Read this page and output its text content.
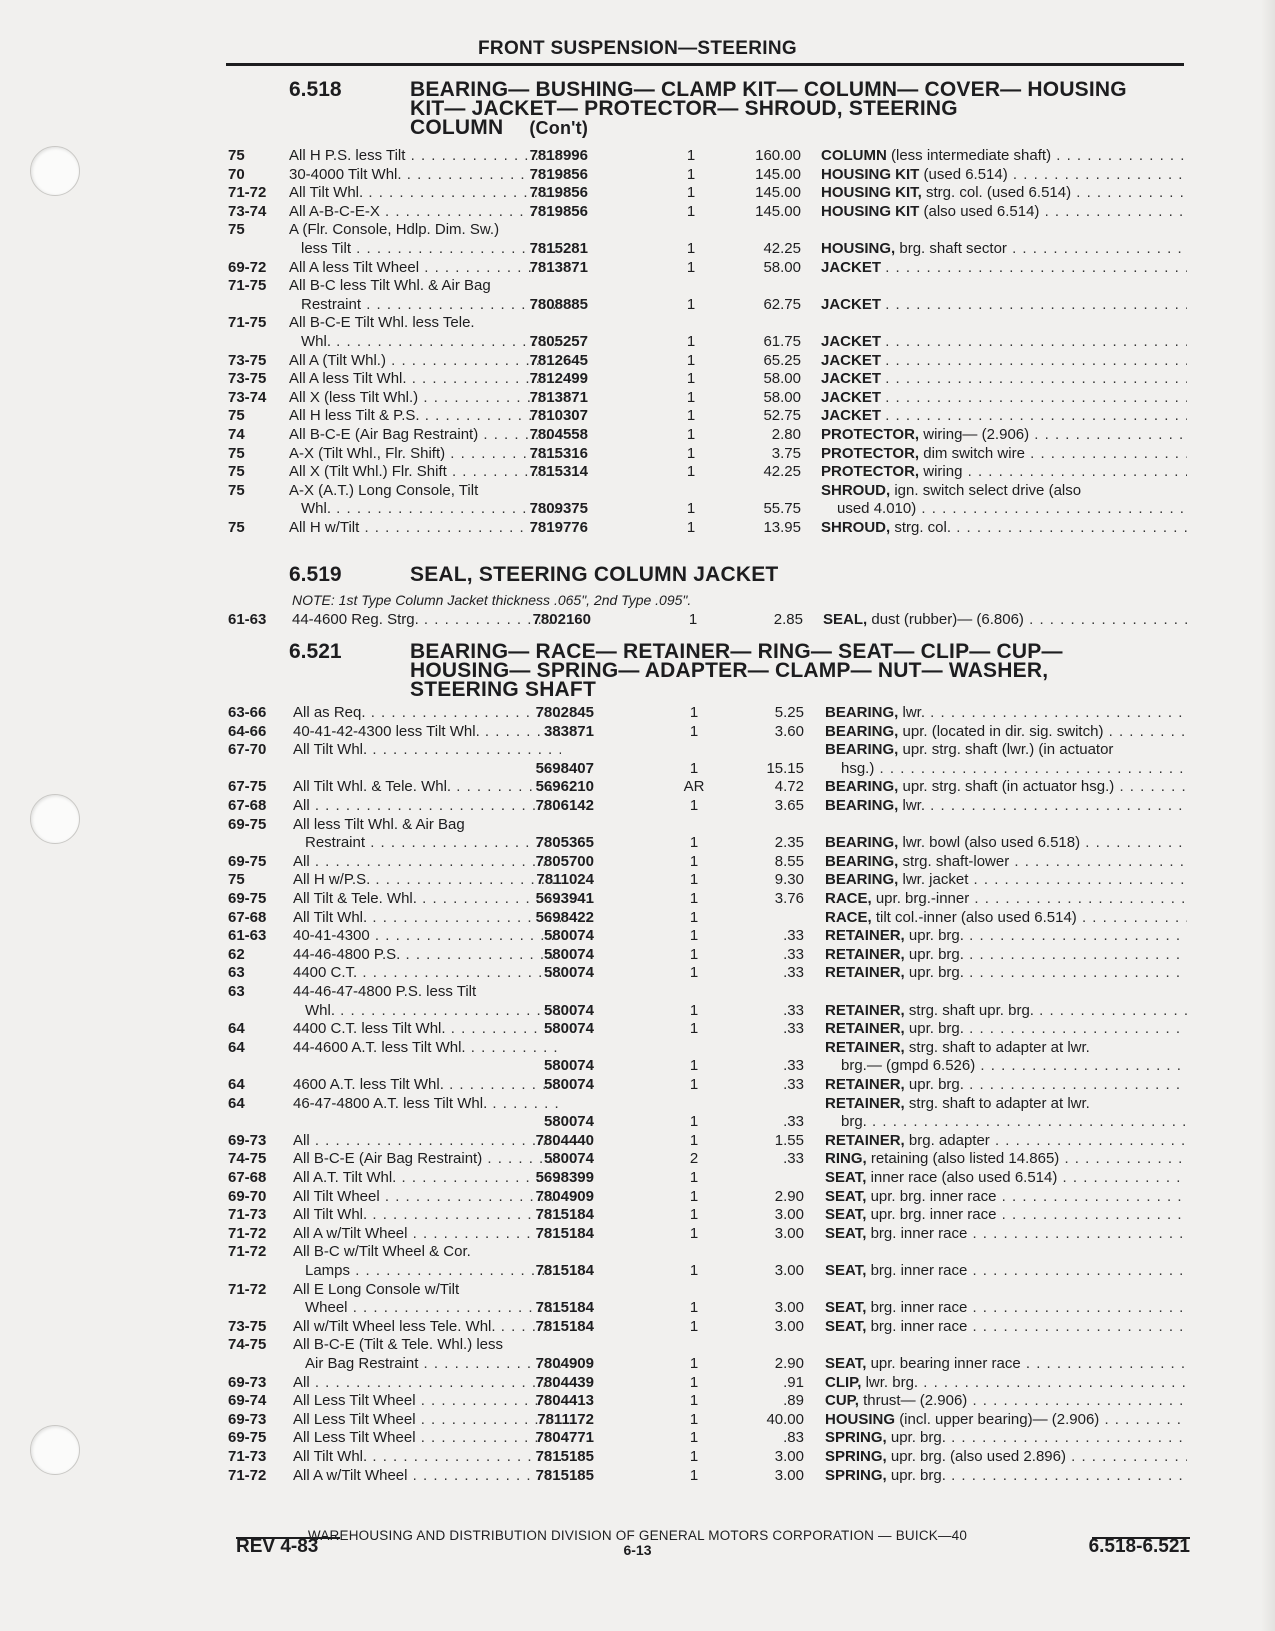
FRONT SUSPENSION—STEERING
6.518	BEARING— BUSHING— CLAMP KIT— COLUMN— COVER— HOUSING
KIT— JACKET— PROTECTOR— SHROUD, STEERING
COLUMN (Con't)
75	All H P.S. less Tilt . . .	7818996	1	160.00 COLUMN (less intermediate shaft) . . .
70	30-4000 Tilt Whl. . . .	7819856	1	145.00 HOUSING KIT (used 6.514) . . .
71-72 All Tilt Whl. . . .	7819856	1	145.00 HOUSING KIT, strg. col. (used 6.514) . . .
73-74 All A-B-C-E-X . . .	7819856	1	145.00 HOUSING KIT (also used 6.514) . . .
75	A (Flr. Console, Hdlp. Dim. Sw.)
less Tilt . . .	7815281	1	42.25 HOUSING, brg. shaft sector . . .
69-72 All A less Tilt Wheel . . .	7813871	1	58.00 JACKET . . .
71-75 All B-C less Tilt Whl. & Air Bag
Restraint . . .	7808885	1	62.75 JACKET . . .
71-75 All B-C-E Tilt Whl. less Tele.
Whl. . . .	7805257	1	61.75 JACKET . . .
73-75 All A (Tilt Whl.) . . .	7812645	1	65.25 JACKET . . .
73-75 All A less Tilt Whl. . . .	7812499	1	58.00 JACKET . . .
73-74 All X (less Tilt Whl.) . . .	7813871	1	58.00 JACKET . . .
75	All H less Tilt & P.S. . . .	7810307	1	52.75 JACKET . . .
74	All B-C-E (Air Bag Restraint) . . .	7804558	1	2.80 PROTECTOR, wiring— (2.906) . . .
75	A-X (Tilt Whl., Flr. Shift) . . .	7815316	1	3.75 PROTECTOR, dim switch wire . . .
75	All X (Tilt Whl.) Flr. Shift . . .	7815314	1	42.25 PROTECTOR, wiring . . .
75	A-X (A.T.) Long Console, Tilt	SHROUD, ign. switch select drive (also
Whl. . . .	7809375	1	55.75 used 4.010) . . .
75	All H w/Tilt . . .	7819776	1	13.95 SHROUD, strg. col. . . .
6.519	SEAL, STEERING COLUMN JACKET
NOTE: 1st Type Column Jacket thickness .065", 2nd Type .095".
61-63 44-4600 Reg. Strg. . . .	7802160	1	2.85 SEAL, dust (rubber)— (6.806) . . .
6.521	BEARING— RACE— RETAINER— RING— SEAT— CLIP— CUP—
HOUSING— SPRING— ADAPTER— CLAMP— NUT— WASHER,
STEERING SHAFT
63-66 All as Req. . . .	7802845	1	5.25 BEARING, lwr. . . .
64-66 40-41-42-4300 less Tilt Whl. . . .	383871	1	3.60 BEARING, upr. (located in dir. sig. switch) . . .
67-70 All Tilt Whl. . . .	BEARING, upr. strg. shaft (lwr.) (in actuator
5698407	1	15.15 hsg.) . . .
67-75 All Tilt Whl. & Tele. Whl. . . .	5696210	AR	4.72 BEARING, upr. strg. shaft (in actuator hsg.) . . .
67-68 All . . .	7806142	1	3.65 BEARING, lwr. . . .
69-75 All less Tilt Whl. & Air Bag
Restraint . . .	7805365	1	2.35 BEARING, lwr. bowl (also used 6.518) . . .
69-75 All . . .	7805700	1	8.55 BEARING, strg. shaft-lower . . .
75	All H w/P.S. . . .	7811024	1	9.30 BEARING, lwr. jacket . . .
69-75 All Tilt & Tele. Whl. . . .	5693941	1	3.76 RACE, upr. brg.-inner . . .
67-68 All Tilt Whl. . . .	5698422	1	RACE, tilt col.-inner (also used 6.514) . . .
61-63 40-41-4300 . . .	580074	1	.33 RETAINER, upr. brg. . . .
62	44-46-4800 P.S. . . .	580074	1	.33 RETAINER, upr. brg. . . .
63	4400 C.T. . . .	580074	1	.33 RETAINER, upr. brg. . . .
63	44-46-47-4800 P.S. less Tilt
Whl. . . .	580074	1	.33 RETAINER, strg. shaft upr. brg. . . .
64	4400 C.T. less Tilt Whl. . . .	580074	1	.33 RETAINER, upr. brg. . . .
64	44-4600 A.T. less Tilt Whl. . . .	RETAINER, strg. shaft to adapter at lwr.
580074	1	.33 brg.— (gmpd 6.526) . . .
64	4600 A.T. less Tilt Whl. . . .	580074	1	.33 RETAINER, upr. brg. . . .
64	46-47-4800 A.T. less Tilt Whl. . . .	RETAINER, strg. shaft to adapter at lwr.
580074	1	.33 brg. . . .
69-73 All . . .	7804440	1	1.55 RETAINER, brg. adapter . . .
74-75 All B-C-E (Air Bag Restraint) . . .	580074	2	.33 RING, retaining (also listed 14.865) . . .
67-68 All A.T. Tilt Whl. . . .	5698399	1	SEAT, inner race (also used 6.514) . . .
69-70 All Tilt Wheel . . .	7804909	1	2.90 SEAT, upr. brg. inner race . . .
71-73 All Tilt Whl. . . .	7815184	1	3.00 SEAT, upr. brg. inner race . . .
71-72 All A w/Tilt Wheel . . .	7815184	1	3.00 SEAT, brg. inner race . . .
71-72 All B-C w/Tilt Wheel & Cor.
Lamps . . .	7815184	1	3.00 SEAT, brg. inner race . . .
71-72 All E Long Console w/Tilt
Wheel . . .	7815184	1	3.00 SEAT, brg. inner race . . .
73-75 All w/Tilt Wheel less Tele. Whl. . . .	7815184	1	3.00 SEAT, brg. inner race . . .
74-75 All B-C-E (Tilt & Tele. Whl.) less
Air Bag Restraint . . .	7804909	1	2.90 SEAT, upr. bearing inner race . . .
69-73 All . . .	7804439	1	.91 CLIP, lwr. brg. . . .
69-74 All Less Tilt Wheel . . .	7804413	1	.89 CUP, thrust— (2.906) . . .
69-73 All Less Tilt Wheel . . .	7811172	1	40.00 HOUSING (incl. upper bearing)— (2.906) . . .
69-75 All Less Tilt Wheel . . .	7804771	1	.83 SPRING, upr. brg. . . .
71-73 All Tilt Whl. . . .	7815185	1	3.00 SPRING, upr. brg. (also used 2.896) . . .
71-72 All A w/Tilt Wheel . . .	7815185	1	3.00 SPRING, upr. brg. . . .
WAREHOUSING AND DISTRIBUTION DIVISION OF GENERAL MOTORS CORPORATION — BUICK—40
REV 4-83	6-13	6.518-6.521
